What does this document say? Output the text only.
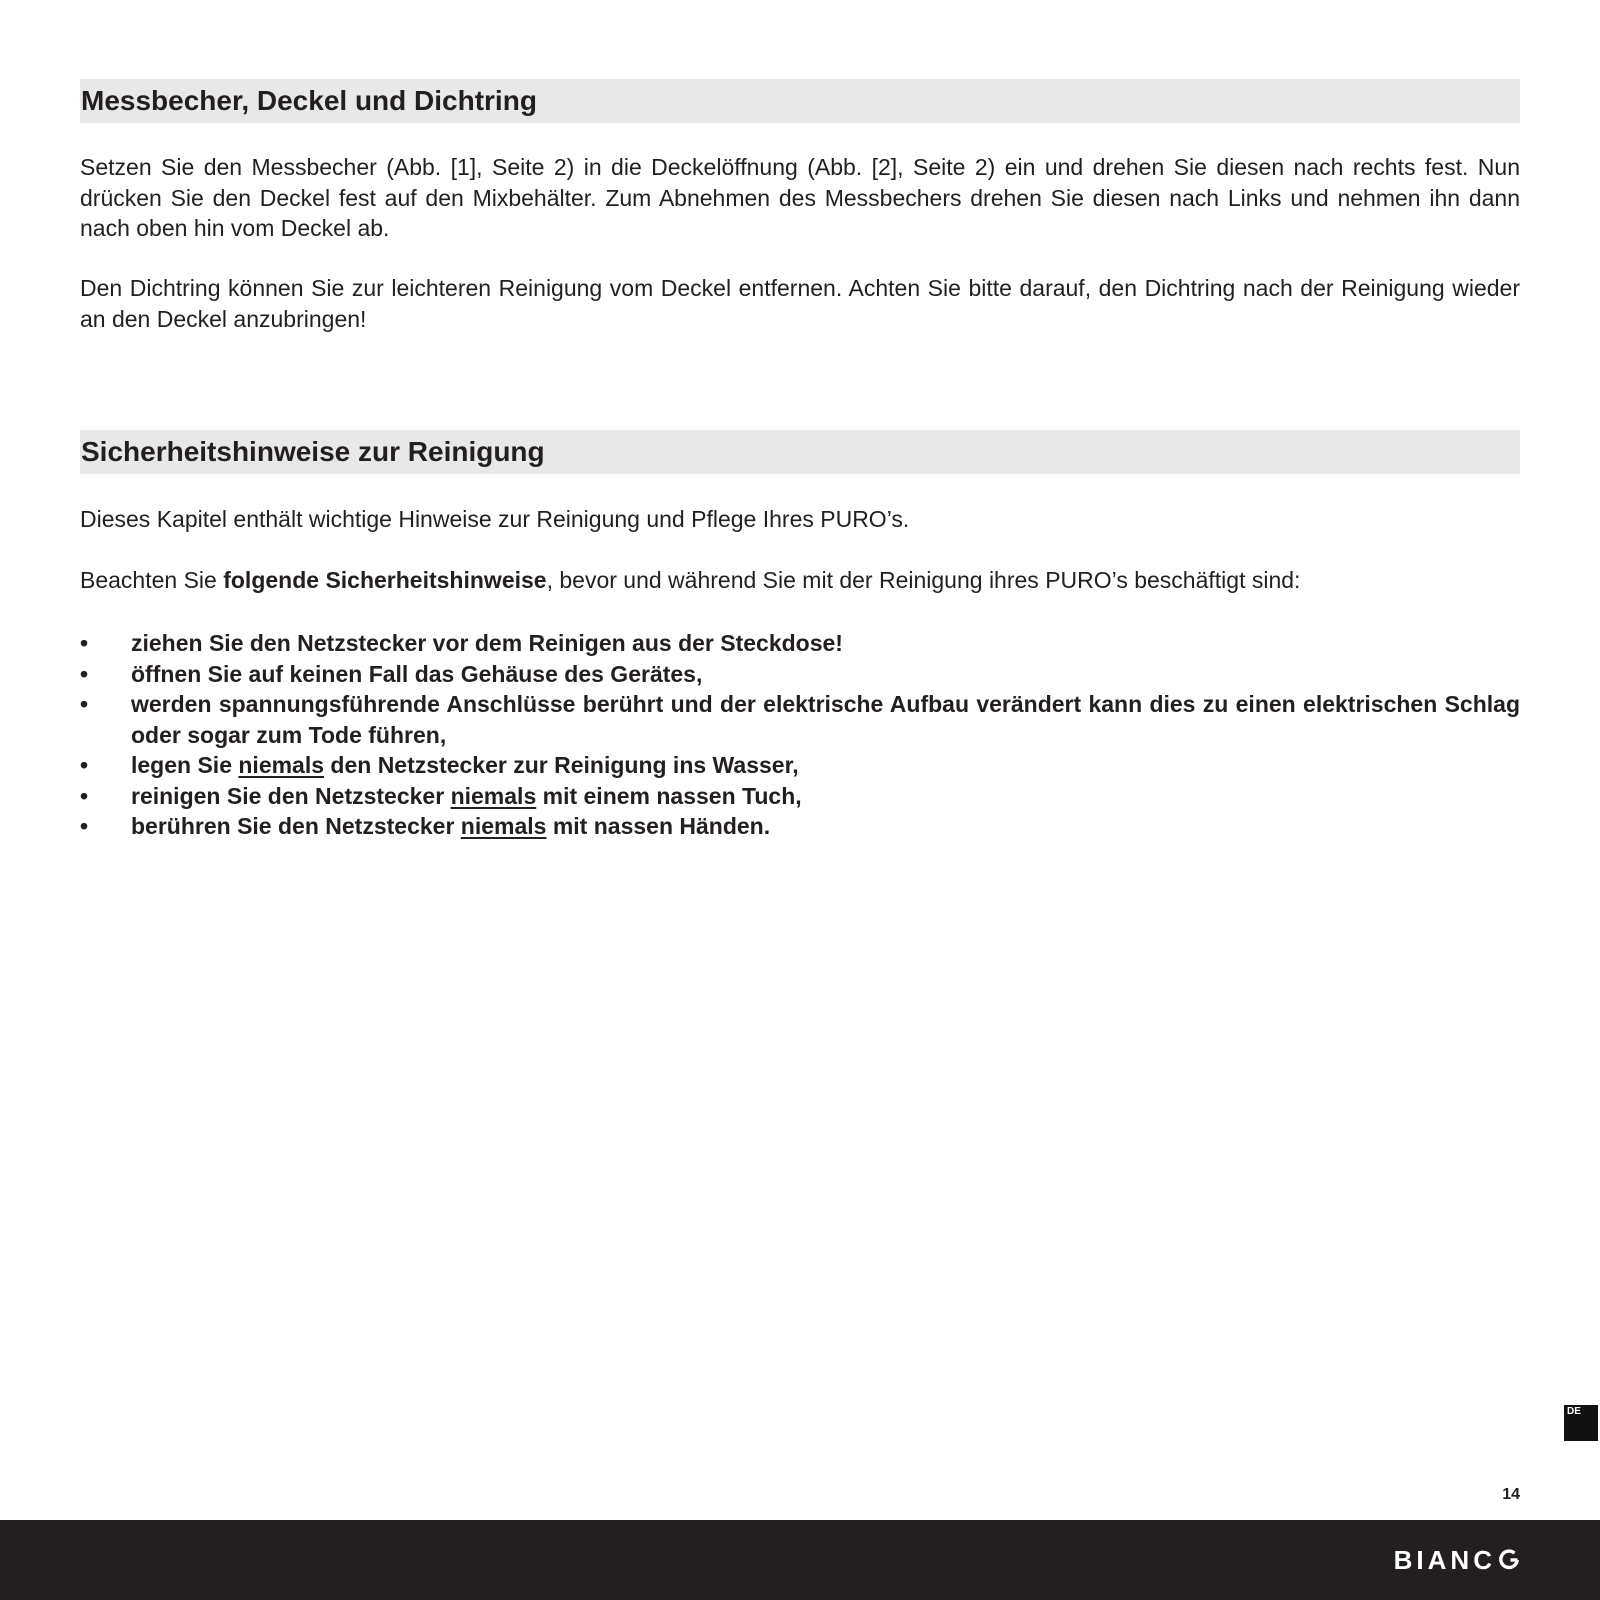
Messbecher, Deckel und Dichtring

Setzen Sie den Messbecher (Abb. [1], Seite 2) in die Deckelöffnung (Abb. [2], Seite 2) ein und drehen Sie diesen nach rechts fest. Nun drücken Sie den Deckel fest auf den Mixbehälter. Zum Abnehmen des Messbechers drehen Sie diesen nach Links und nehmen ihn dann nach oben hin vom Deckel ab.

Den Dichtring können Sie zur leichteren Reinigung vom Deckel entfernen. Achten Sie bitte darauf, den Dichtring nach der Reinigung wieder an den Deckel anzubringen!

Sicherheitshinweise zur Reinigung

Dieses Kapitel enthält wichtige Hinweise zur Reinigung und Pflege Ihres PURO’s.

Beachten Sie folgende Sicherheitshinweise, bevor und während Sie mit der Reinigung ihres PURO’s beschäftigt sind:

•	ziehen Sie den Netzstecker vor dem Reinigen aus der Steckdose!
•	öffnen Sie auf keinen Fall das Gehäuse des Gerätes,
•	werden spannungsführende Anschlüsse berührt und der elektrische Aufbau verändert kann dies zu einen elektrischen Schlag oder sogar zum Tode führen,
•	legen Sie niemals den Netzstecker zur Reinigung ins Wasser,
•	reinigen Sie den Netzstecker niemals mit einem nassen Tuch,
•	berühren Sie den Netzstecker niemals mit nassen Händen.
DE
14
BIANC
